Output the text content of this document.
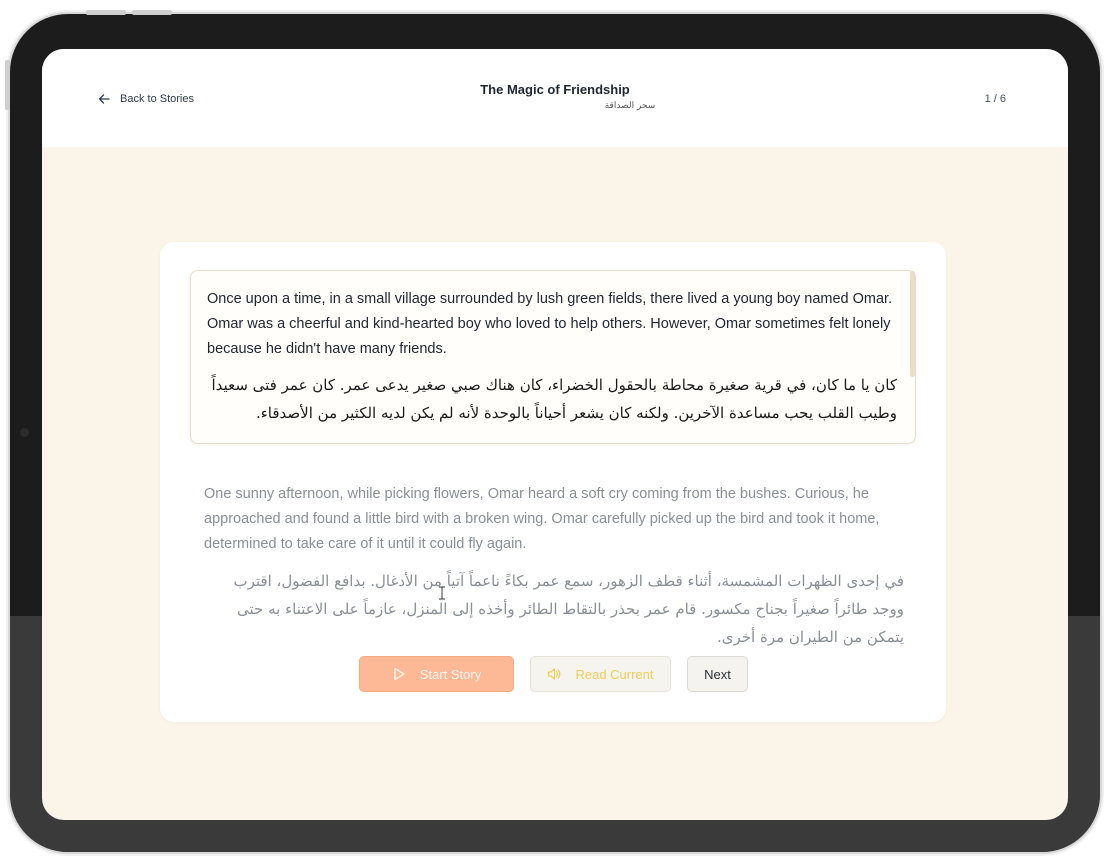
Back to Stories
The Magic of Friendship
سحر الصداقة
1 / 6

Once upon a time, in a small village surrounded by lush green fields, there lived a young boy named Omar. Omar was a cheerful and kind-hearted boy who loved to help others. However, Omar sometimes felt lonely because he didn't have many friends.

كان يا ما كان، في قرية صغيرة محاطة بالحقول الخضراء، كان هناك صبي صغير يدعى عمر. كان عمر فتى سعيداً وطيب القلب يحب مساعدة الآخرين. ولكنه كان يشعر أحياناً بالوحدة لأنه لم يكن لديه الكثير من الأصدقاء.

One sunny afternoon, while picking flowers, Omar heard a soft cry coming from the bushes. Curious, he approached and found a little bird with a broken wing. Omar carefully picked up the bird and took it home, determined to take care of it until it could fly again.

في إحدى الظهرات المشمسة، أثناء قطف الزهور، سمع عمر بكاءً ناعماً آتياً من الأدغال. بدافع الفضول، اقترب ووجد طائراً صغيراً بجناح مكسور. قام عمر بحذر بالتقاط الطائر وأخذه إلى المنزل، عازماً على الاعتناء به حتى يتمكن من الطيران مرة أخرى.

Start Story	Read Current	Next
